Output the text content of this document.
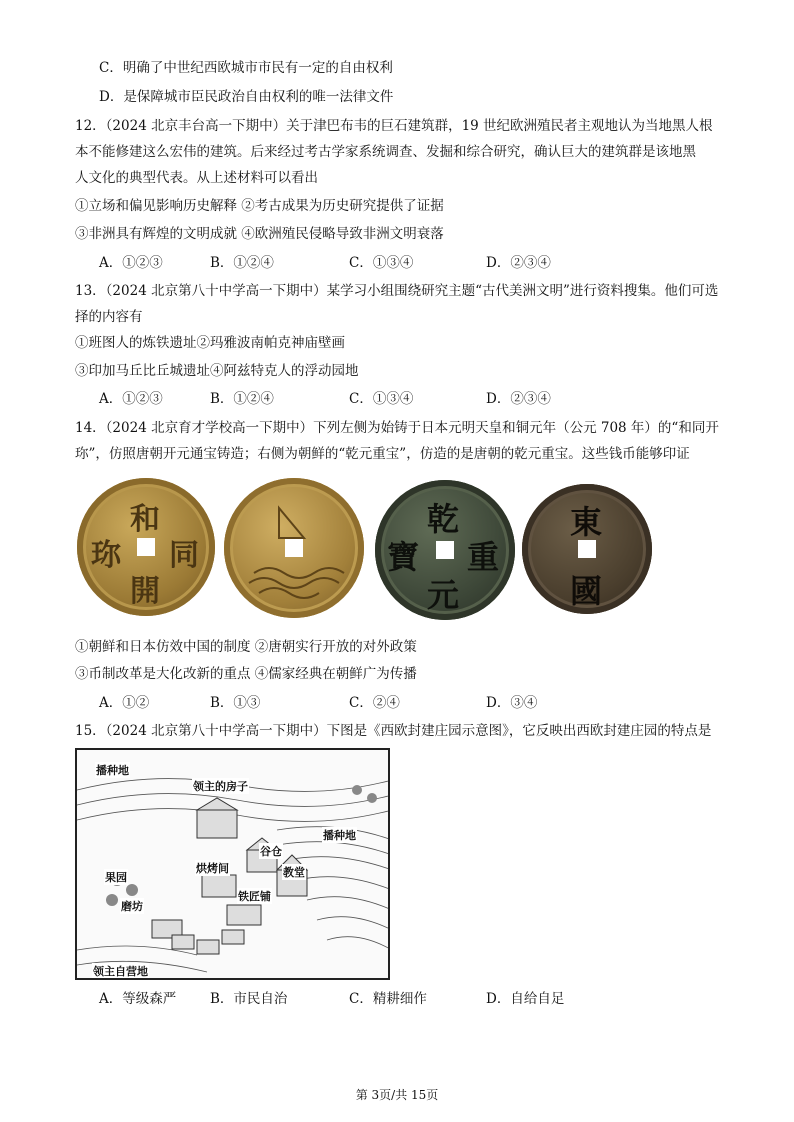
C．明确了中世纪西欧城市市民有一定的自由权利
D．是保障城市臣民政治自由权利的唯一法律文件
12．（2024 北京丰台高一下期中）关于津巴布韦的巨石建筑群，19 世纪欧洲殖民者主观地认为当地黑人根
本不能修建这么宏伟的建筑。后来经过考古学家系统调查、发掘和综合研究，确认巨大的建筑群是该地黑
人文化的典型代表。从上述材料可以看出
①立场和偏见影响历史解释 ②考古成果为历史研究提供了证据
③非洲具有辉煌的文明成就 ④欧洲殖民侵略导致非洲文明衰落
A．①②③	B．①②④	C．①③④	D．②③④
13．（2024 北京第八十中学高一下期中）某学习小组围绕研究主题“古代美洲文明”进行资料搜集。他们可选
择的内容有
①班图人的炼铁遗址②玛雅波南帕克神庙壁画
③印加马丘比丘城遗址④阿兹特克人的浮动园地
A．①②③	B．①②④	C．①③④	D．②③④
14．（2024 北京育才学校高一下期中）下列左侧为始铸于日本元明天皇和铜元年（公元 708 年）的“和同开
珎”，仿照唐朝开元通宝铸造；右侧为朝鲜的“乾元重宝”，仿造的是唐朝的乾元重宝。这些钱币能够印证
和
同
開
珎
乾
重
元
寶
東
國
①朝鲜和日本仿效中国的制度 ②唐朝实行开放的对外政策
③币制改革是大化改新的重点 ④儒家经典在朝鲜广为传播
A．①②	B．①③	C．②④	D．③④
15．（2024 北京第八十中学高一下期中）下图是《西欧封建庄园示意图》，它反映出西欧封建庄园的特点是
播种地
领主的房子
播种地
谷仓
烘烤间
果园	教堂
铁匠铺
磨坊
领主自营地
A．等级森严	B．市民自治	C．精耕细作	D．自给自足
第 3页/共 15页
